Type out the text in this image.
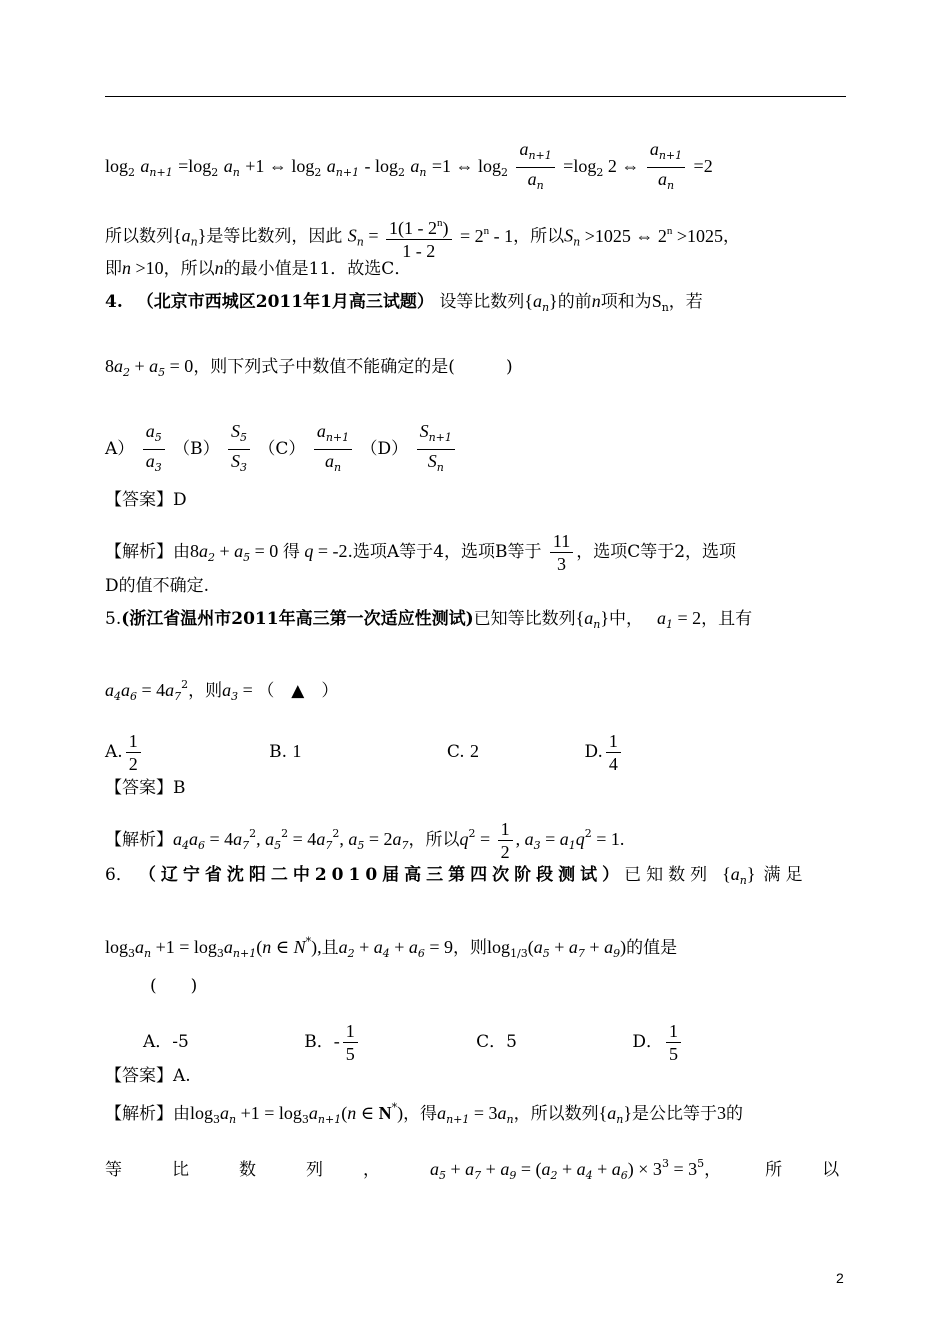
$\log_2 a_{n+1} =\log_2$ $a_n +1$ ⇔ $\log_2 a_{n+1} - \log_2 a_n =1$ ⇔ $\log_2 \frac{a_{n+1}}{a_n} =\log_2$ 2 ⇔ $\frac{a_{n+1}}{a_n} =2$
所以数列$\{a_n\}$是等比数列，因此 $S_n = \frac{1(1 - 2^n)}{1 - 2} = 2^n - 1$，所以$S_n >1025$ ⇔ $2^n >1025$，
即n >10，所以n的最小值是11．故选C．
4. （北京市西城区2011年1月高三试题） 设等比数列$\{a_n\}$的前n项和为$S_n$，若
$8a_2 + a_5 = 0$，则下列式子中数值不能确定的是(　　　)
$A) \frac{a_5}{a_3} (B) \frac{S_5}{S_3} (C) \frac{a_{n+1}}{a_n} (D) \frac{S_{n+1}}{S_n}$
【答案】D
【解析】由$8a_2 + a_5 = 0$ 得 q = -2.选项A等于4，选项B等于 $\frac{11}{3}$ ，选项C等于2，选项
D的值不确定.
5.(浙江省温州市2011年高三第一次适应性测试)已知等比数列$\{a_n\}$中， $a_1 = 2$，且有
$a_4a_6 = 4a_7^2$，则$a_3$ = （　▲　）
A. $\frac{1}{2}$	B. 1	C. 2	D. $\frac{1}{4}$
【答案】B
【解析】$a_4a_6 = 4a_7^2$, $a_5^2 = 4a_7^2$, $a_5 = 2a_7$，所以$q^2 = \frac{1}{2}$ , $a_3 = a_1q^2 = 1$.
6． （辽宁省沈阳二中2010届高三第四次阶段测试）已知数列 $\{a_n\}$ 满足
$\log_3a_n +1 = \log_3a_{n+1}(n$ ∈ N*),且$a_2 + a_4 + a_6 = 9$，则$\log_{1/3}(a_5 + a_7 + a_9)$的值是
(　　)
A．-5	B．- $\frac{1}{5}$	C．5	D． $\frac{1}{5}$
【答案】A.
【解析】由$\log_3a_n +1 = \log_3a_{n+1}(n$ ∈ N*)，得$a_{n+1} = 3a_n$，所以数列$\{a_n\}$是公比等于3的
等	比	数	列 ，	$a_5 + a_7 + a_9 = (a_2 + a_4 + a_6) \times 3^3 = 3^5$，	所 以
2
